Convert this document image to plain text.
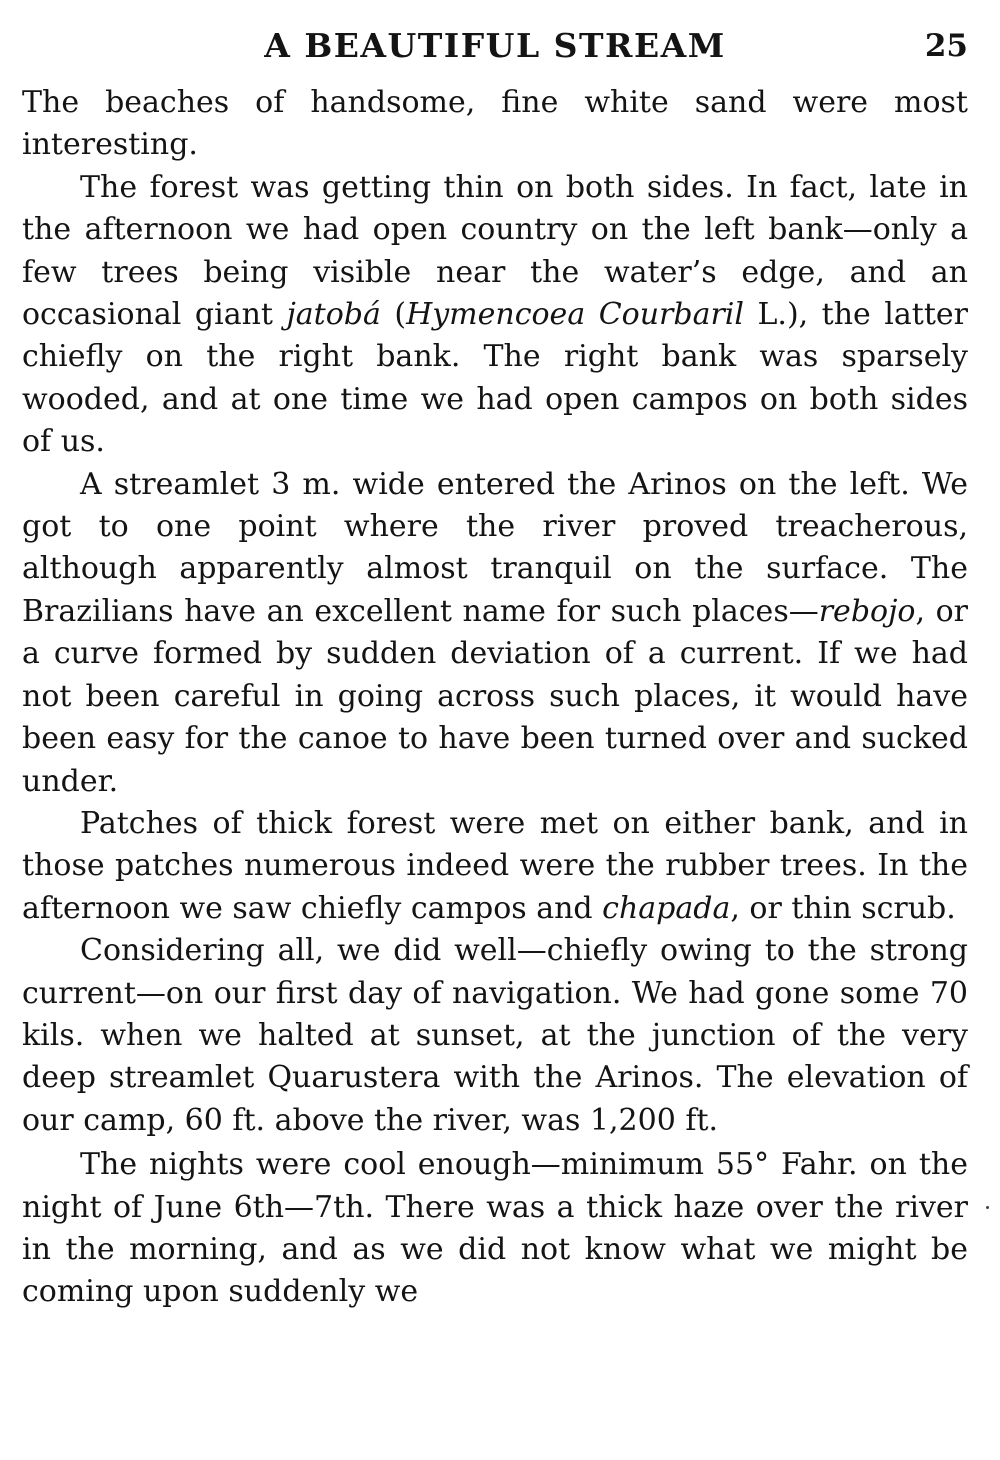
A BEAUTIFUL STREAM	25

The beaches of handsome, fine white sand were most interesting.

The forest was getting thin on both sides. In fact, late in the afternoon we had open country on the left bank—only a few trees being visible near the water’s edge, and an occasional giant jatobá (Hymencoea Courbaril L.), the latter chiefly on the right bank. The right bank was sparsely wooded, and at one time we had open campos on both sides of us.

A streamlet 3 m. wide entered the Arinos on the left. We got to one point where the river proved treacherous, although apparently almost tranquil on the surface. The Brazilians have an excellent name for such places—rebojo, or a curve formed by sudden deviation of a current. If we had not been careful in going across such places, it would have been easy for the canoe to have been turned over and sucked under.

Patches of thick forest were met on either bank, and in those patches numerous indeed were the rubber trees. In the afternoon we saw chiefly campos and chapada, or thin scrub.

Considering all, we did well—chiefly owing to the strong current—on our first day of navigation. We had gone some 70 kils. when we halted at sunset, at the junction of the very deep streamlet Quarustera with the Arinos. The elevation of our camp, 60 ft. above the river, was 1,200 ft.

The nights were cool enough—minimum 55° Fahr. on the night of June 6th—7th. There was a thick haze over the river in the morning, and as we did not know what we might be coming upon suddenly we
